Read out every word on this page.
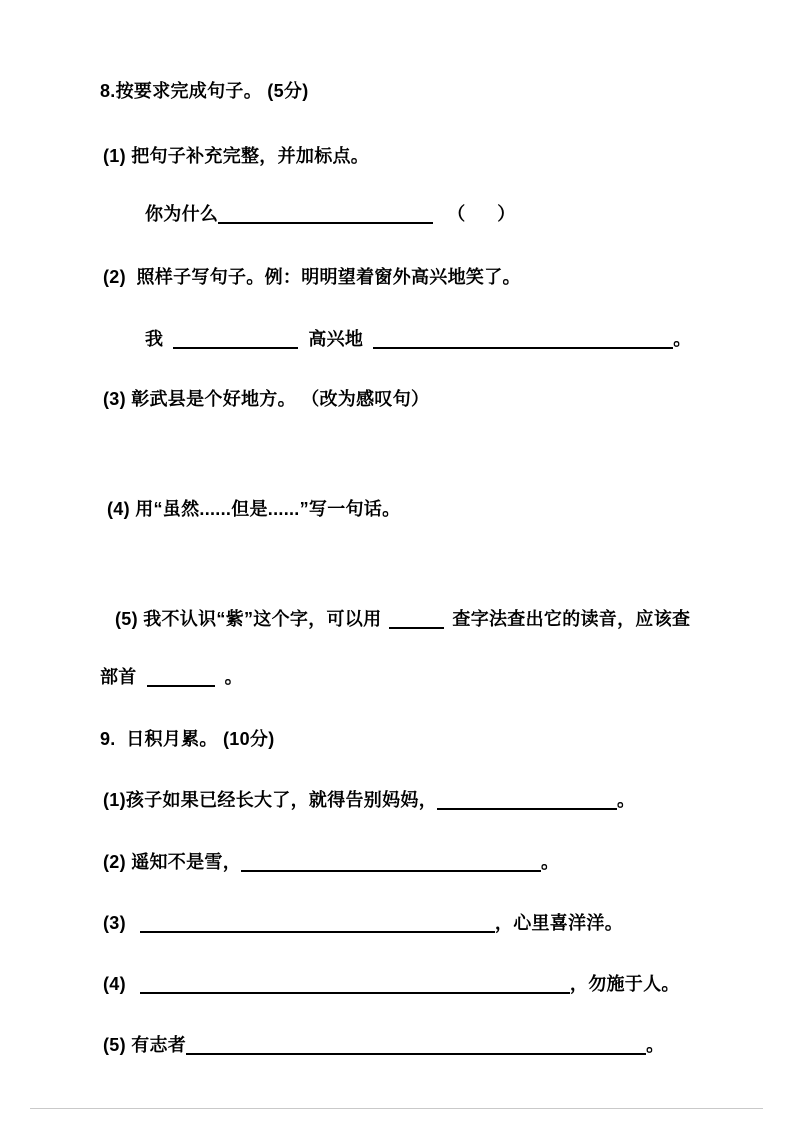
8.按要求完成句子。 (5分)
(1) 把句子补充完整，并加标点。
你为什么	（      ）
(2)  照样子写句子。例：明明望着窗外高兴地笑了。
我	高兴地	。
(3) 彰武县是个好地方。 （改为感叹句）
(4) 用“虽然......但是......”写一句话。
(5) 我不认识“紫”这个字，可以用	查字法查出它的读音，应该查
部首	。
9.  日积月累。 (10分)
(1)孩子如果已经长大了，就得告别妈妈，	。
(2) 遥知不是雪，	。
(3)	，心里喜洋洋。
(4)	，勿施于人。
(5) 有志者	。
